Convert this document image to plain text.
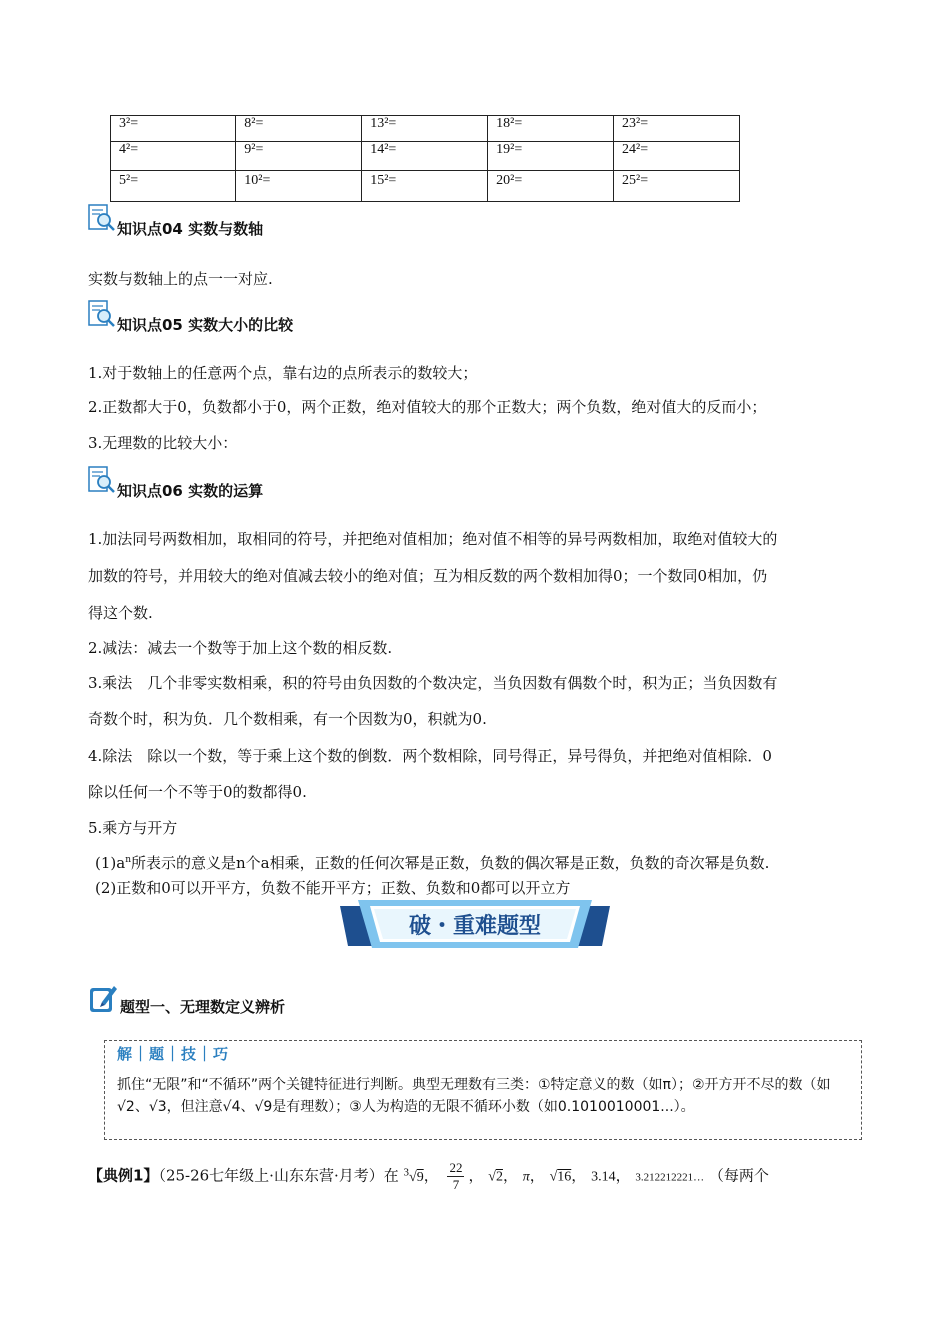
3²=	8²=	13²=	18²=	23²=
4²=	9²=	14²=	19²=	24²=
5²=	10²=	15²=	20²=	25²=
知识点04 实数与数轴
实数与数轴上的点一一对应.
知识点05 实数大小的比较
1.对于数轴上的任意两个点，靠右边的点所表示的数较大；
2.正数都大于0，负数都小于0，两个正数，绝对值较大的那个正数大；两个负数，绝对值大的反而小；
3.无理数的比较大小：
知识点06 实数的运算
1.加法同号两数相加，取相同的符号，并把绝对值相加；绝对值不相等的异号两数相加，取绝对值较大的
加数的符号，并用较大的绝对值减去较小的绝对值；互为相反数的两个数相加得0；一个数同0相加，仍
得这个数.
2.减法：减去一个数等于加上这个数的相反数.
3.乘法　几个非零实数相乘，积的符号由负因数的个数决定，当负因数有偶数个时，积为正；当负因数有
奇数个时，积为负．几个数相乘，有一个因数为0，积就为0.
4.除法　除以一个数，等于乘上这个数的倒数．两个数相除，同号得正，异号得负，并把绝对值相除．0
除以任何一个不等于0的数都得0.
5.乘方与开方
$(1)a^n$所表示的意义是n个a相乘，正数的任何次幂是正数，负数的偶次幂是正数，负数的奇次幂是负数.
(2)正数和0可以开平方，负数不能开平方；正数、负数和0都可以开立方
破・重难题型
题型一、无理数定义辨析
解｜题｜技｜巧
抓住“无限”和“不循环”两个关键特征进行判断。典型无理数有三类：①特定意义的数（如π）；②开方开不尽的数（如√2、√3，但注意√4、√9是有理数）；③人为构造的无限不循环小数（如0.1010010001...）。
【典例1】（25-26七年级上·山东东营·月考）在 $^3$√9， $\frac{22}{7}$ ， √2， π， √16， 3.14， 3.212212221… （每两个
